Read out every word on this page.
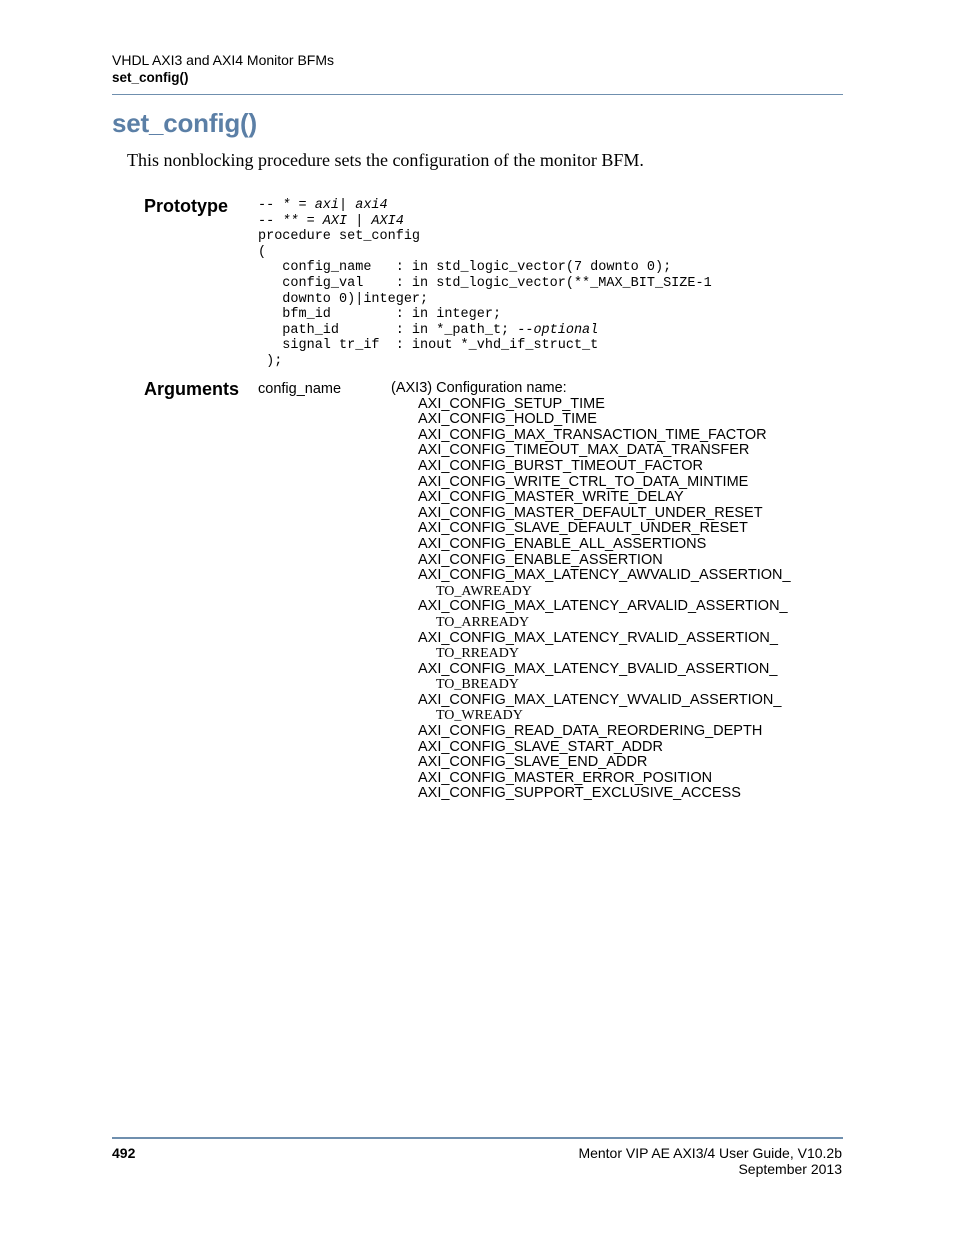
VHDL AXI3 and AXI4 Monitor BFMs
set_config()
set_config()

This nonblocking procedure sets the configuration of the monitor BFM.

Prototype -- * = axi| axi4
-- ** = AXI | AXI4
procedure set_config
(
config_name   : in std_logic_vector(7 downto 0);
config_val    : in std_logic_vector(**_MAX_BIT_SIZE-1
downto 0)|integer;
bfm_id        : in integer;
path_id       : in *_path_t; --optional
signal tr_if  : inout *_vhd_if_struct_t
);
Arguments config_name	(AXI3) Configuration name:
AXI_CONFIG_SETUP_TIME
AXI_CONFIG_HOLD_TIME
AXI_CONFIG_MAX_TRANSACTION_TIME_FACTOR
AXI_CONFIG_TIMEOUT_MAX_DATA_TRANSFER
AXI_CONFIG_BURST_TIMEOUT_FACTOR
AXI_CONFIG_WRITE_CTRL_TO_DATA_MINTIME
AXI_CONFIG_MASTER_WRITE_DELAY
AXI_CONFIG_MASTER_DEFAULT_UNDER_RESET
AXI_CONFIG_SLAVE_DEFAULT_UNDER_RESET
AXI_CONFIG_ENABLE_ALL_ASSERTIONS
AXI_CONFIG_ENABLE_ASSERTION
AXI_CONFIG_MAX_LATENCY_AWVALID_ASSERTION_
TO_AWREADY
AXI_CONFIG_MAX_LATENCY_ARVALID_ASSERTION_
TO_ARREADY
AXI_CONFIG_MAX_LATENCY_RVALID_ASSERTION_
TO_RREADY
AXI_CONFIG_MAX_LATENCY_BVALID_ASSERTION_
TO_BREADY
AXI_CONFIG_MAX_LATENCY_WVALID_ASSERTION_
TO_WREADY
AXI_CONFIG_READ_DATA_REORDERING_DEPTH
AXI_CONFIG_SLAVE_START_ADDR
AXI_CONFIG_SLAVE_END_ADDR
AXI_CONFIG_MASTER_ERROR_POSITION
AXI_CONFIG_SUPPORT_EXCLUSIVE_ACCESS
492	Mentor VIP AE AXI3/4 User Guide, V10.2b
September 2013
